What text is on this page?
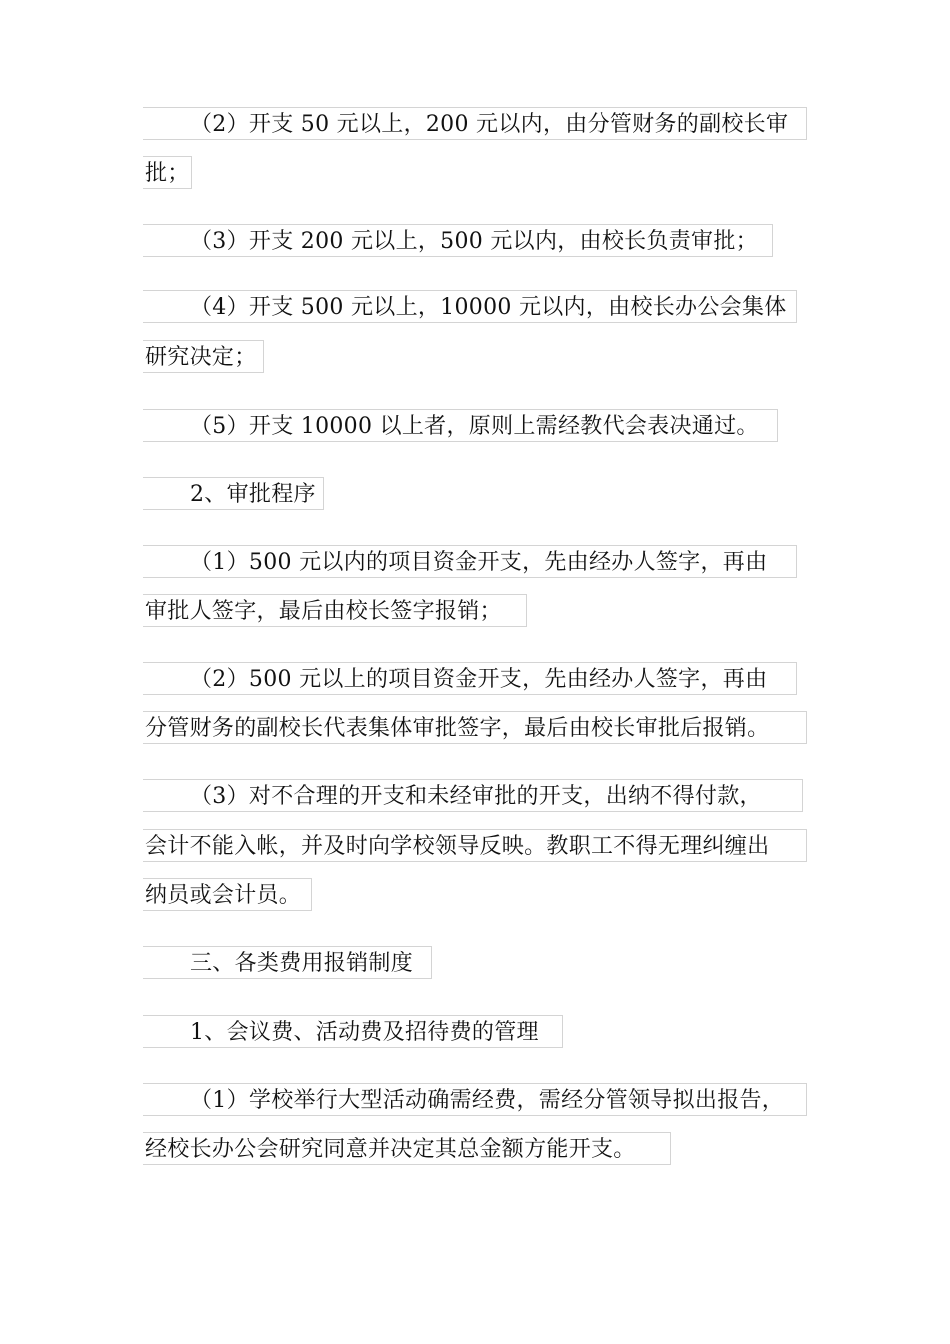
（2）开支 50 元以上，200 元以内，由分管财务的副校长审
批；
（3）开支 200 元以上，500 元以内，由校长负责审批；
（4）开支 500 元以上，10000 元以内，由校长办公会集体
研究决定；
（5）开支 10000 以上者，原则上需经教代会表决通过。
2、审批程序
（1）500 元以内的项目资金开支，先由经办人签字，再由
审批人签字，最后由校长签字报销；
（2）500 元以上的项目资金开支，先由经办人签字，再由
分管财务的副校长代表集体审批签字，最后由校长审批后报销。
（3）对不合理的开支和未经审批的开支，出纳不得付款，
会计不能入帐，并及时向学校领导反映。教职工不得无理纠缠出
纳员或会计员。
三、各类费用报销制度
1、会议费、活动费及招待费的管理
（1）学校举行大型活动确需经费，需经分管领导拟出报告，
经校长办公会研究同意并决定其总金额方能开支。
